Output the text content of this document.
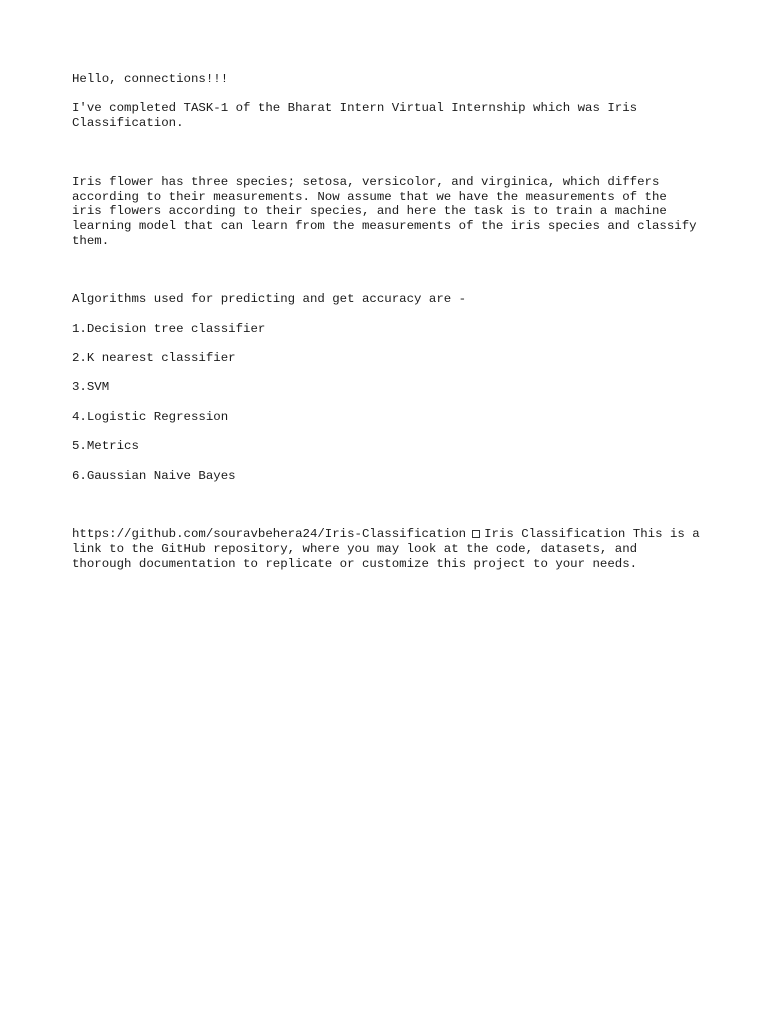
Hello, connections!!!

I've completed TASK-1 of the Bharat Intern Virtual Internship which was Iris Classification.

Iris flower has three species; setosa, versicolor, and virginica, which differs according to their measurements. Now assume that we have the measurements of the iris flowers according to their species, and here the task is to train a machine learning model that can learn from the measurements of the iris species and classify them.

Algorithms used for predicting and get accuracy are -

1.Decision tree classifier
2.K nearest classifier
3.SVM
4.Logistic Regression
5.Metrics
6.Gaussian Naive Bayes

https://github.com/souravbehera24/Iris-Classification Iris Classification This is a link to the GitHub repository, where you may look at the code, datasets, and thorough documentation to replicate or customize this project to your needs.
